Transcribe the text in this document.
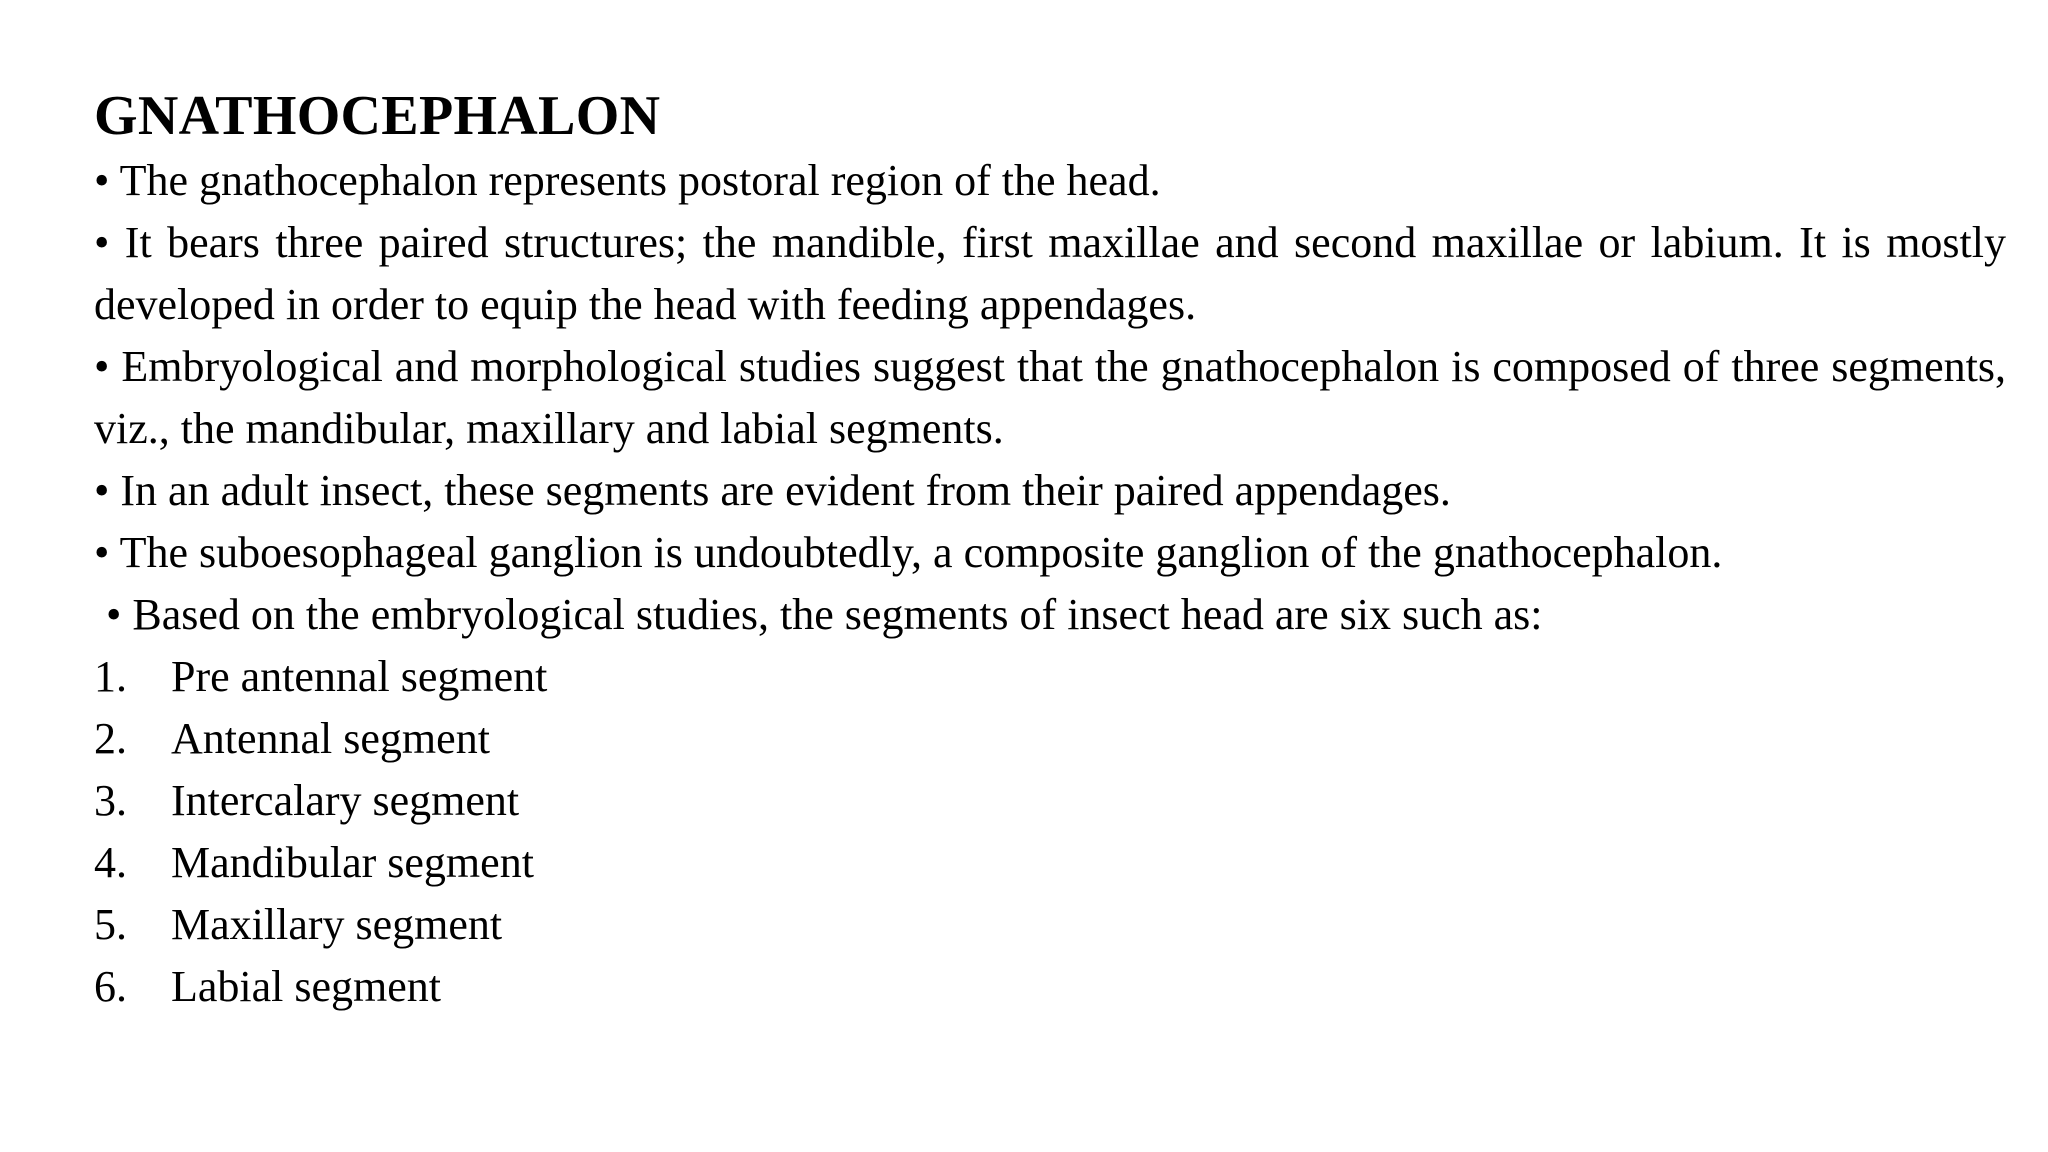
GNATHOCEPHALON

• The gnathocephalon represents postoral region of the head.

• It bears three paired structures; the mandible, first maxillae and second maxillae or labium. It is mostly developed in order to equip the head with feeding appendages.

• Embryological and morphological studies suggest that the gnathocephalon is composed of three segments, viz., the mandibular, maxillary and labial segments.

• In an adult insect, these segments are evident from their paired appendages.

• The suboesophageal ganglion is undoubtedly, a composite ganglion of the gnathocephalon.

• Based on the embryological studies, the segments of insect head are six such as:

1.	Pre antennal segment
2.	Antennal segment
3.	Intercalary segment
4.	Mandibular segment
5.	Maxillary segment
6.	Labial segment
